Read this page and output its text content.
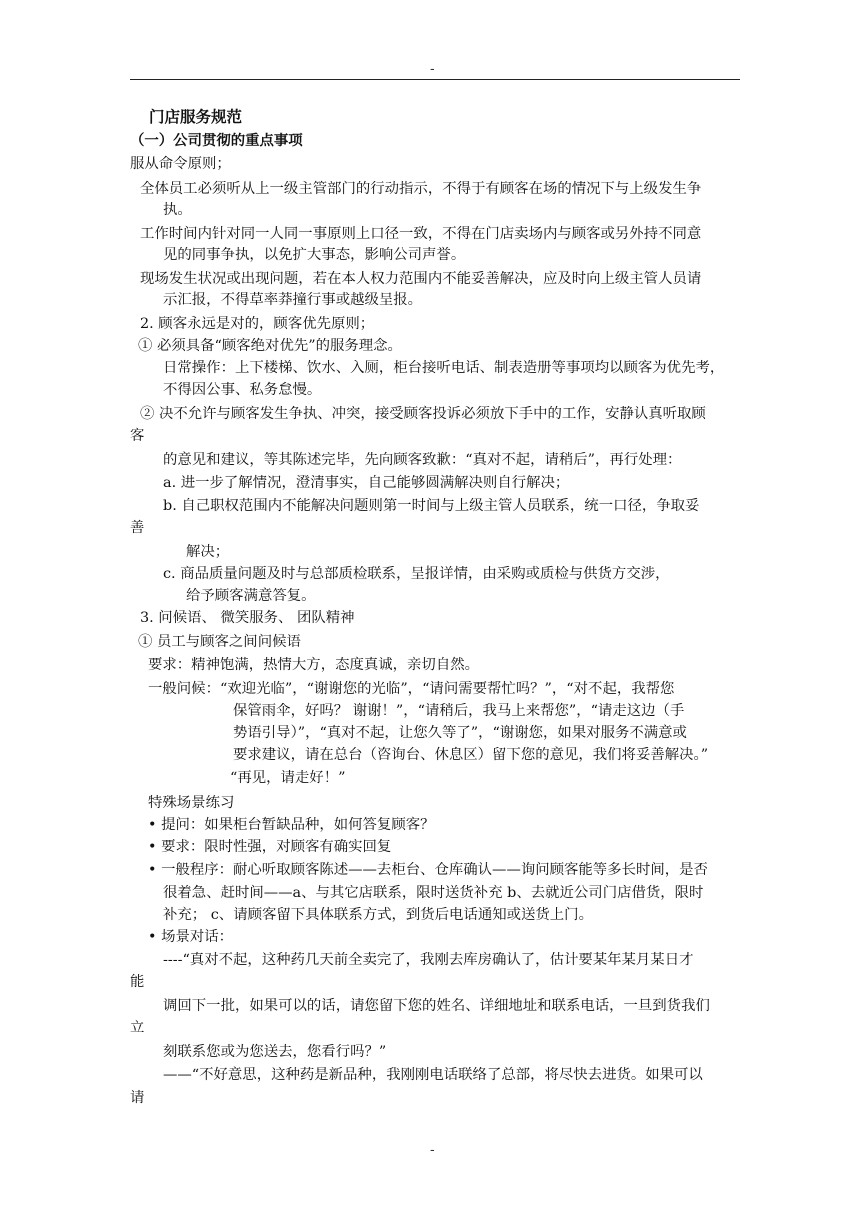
-
门店服务规范
（一）公司贯彻的重点事项
服从命令原则；
全体员工必须听从上一级主管部门的行动指示，不得于有顾客在场的情况下与上级发生争
执。
工作时间内针对同一人同一事原则上口径一致，不得在门店卖场内与顾客或另外持不同意
见的同事争执，以免扩大事态，影响公司声誉。
现场发生状况或出现问题，若在本人权力范围内不能妥善解决，应及时向上级主管人员请
示汇报，不得草率莽撞行事或越级呈报。
2. 顾客永远是对的，顾客优先原则；
① 必须具备“顾客绝对优先”的服务理念。
日常操作：上下楼梯、饮水、入厕，柜台接听电话、制表造册等事项均以顾客为优先考，
不得因公事、私务怠慢。
② 决不允许与顾客发生争执、冲突，接受顾客投诉必须放下手中的工作，安静认真听取顾
客
的意见和建议，等其陈述完毕，先向顾客致歉：“真对不起，请稍后”，再行处理：
a. 进一步了解情况，澄清事实，自己能够圆满解决则自行解决；
b. 自己职权范围内不能解决问题则第一时间与上级主管人员联系，统一口径，争取妥
善
解决；
c. 商品质量问题及时与总部质检联系，呈报详情，由采购或质检与供货方交涉，
给予顾客满意答复。
3. 问候语、 微笑服务、 团队精神
① 员工与顾客之间问候语
要求：精神饱满，热情大方，态度真诚，亲切自然。
一般问候：“欢迎光临”，“谢谢您的光临”，“请问需要帮忙吗？”，“对不起，我帮您
保管雨伞，好吗？ 谢谢！”，“请稍后，我马上来帮您”，“请走这边（手
势语引导）”，“真对不起，让您久等了”，“谢谢您，如果对服务不满意或
要求建议，请在总台（咨询台、休息区）留下您的意见，我们将妥善解决。”
“再见，请走好！”
特殊场景练习
• 提问：如果柜台暂缺品种，如何答复顾客？
• 要求：限时性强，对顾客有确实回复
• 一般程序：耐心听取顾客陈述——去柜台、仓库确认——询问顾客能等多长时间，是否
很着急、赶时间——a、与其它店联系，限时送货补充 b、去就近公司门店借货，限时
补充； c、请顾客留下具体联系方式，到货后电话通知或送货上门。
• 场景对话：
----“真对不起，这种药几天前全卖完了，我刚去库房确认了，估计要某年某月某日才
能
调回下一批，如果可以的话，请您留下您的姓名、详细地址和联系电话，一旦到货我们
立
刻联系您或为您送去，您看行吗？”
——“不好意思，这种药是新品种，我刚刚电话联络了总部，将尽快去进货。如果可以
请
-
